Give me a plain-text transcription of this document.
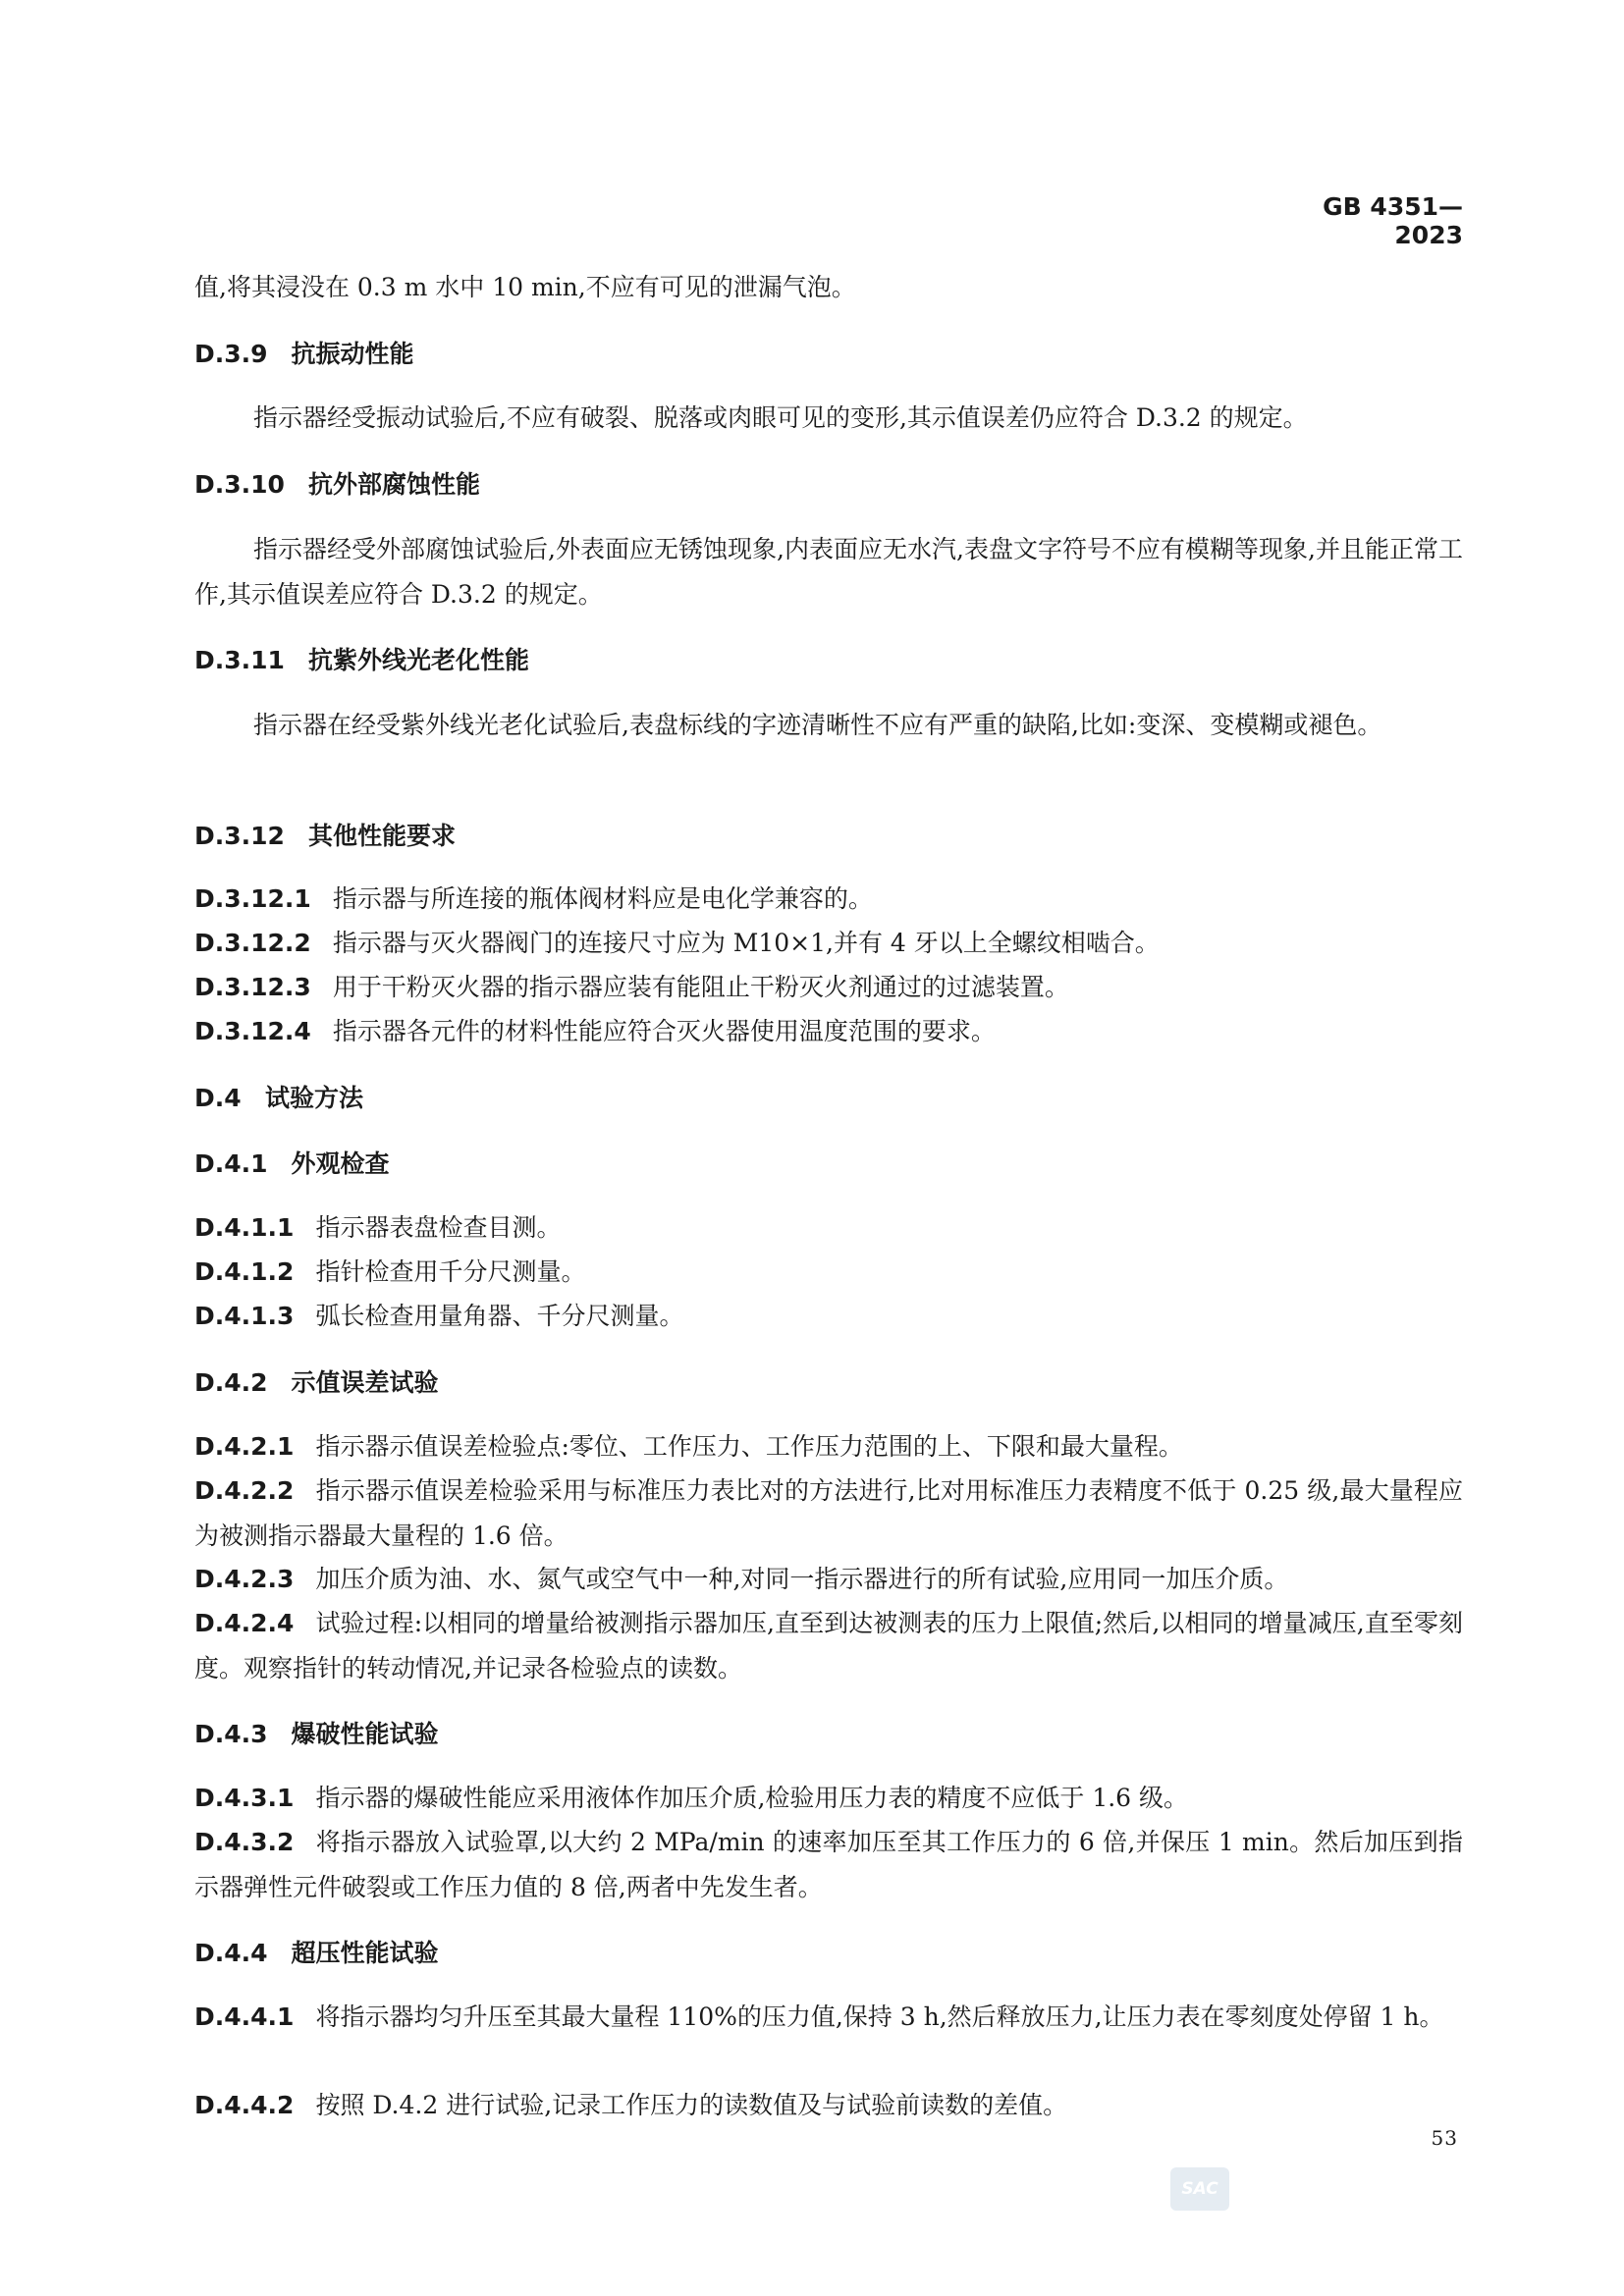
GB 4351—2023
值,将其浸没在 0.3 m 水中 10 min,不应有可见的泄漏气泡。
D.3.9 抗振动性能
指示器经受振动试验后,不应有破裂、脱落或肉眼可见的变形,其示值误差仍应符合 D.3.2 的规定。
D.3.10 抗外部腐蚀性能
指示器经受外部腐蚀试验后,外表面应无锈蚀现象,内表面应无水汽,表盘文字符号不应有模糊等现象,并且能正常工作,其示值误差应符合 D.3.2 的规定。
D.3.11 抗紫外线光老化性能
指示器在经受紫外线光老化试验后,表盘标线的字迹清晰性不应有严重的缺陷,比如:变深、变模糊或褪色。
D.3.12 其他性能要求
D.3.12.1 指示器与所连接的瓶体阀材料应是电化学兼容的。
D.3.12.2 指示器与灭火器阀门的连接尺寸应为 M10×1,并有 4 牙以上全螺纹相啮合。
D.3.12.3 用于干粉灭火器的指示器应装有能阻止干粉灭火剂通过的过滤装置。
D.3.12.4 指示器各元件的材料性能应符合灭火器使用温度范围的要求。
D.4 试验方法
D.4.1 外观检查
D.4.1.1 指示器表盘检查目测。
D.4.1.2 指针检查用千分尺测量。
D.4.1.3 弧长检查用量角器、千分尺测量。
D.4.2 示值误差试验
D.4.2.1 指示器示值误差检验点:零位、工作压力、工作压力范围的上、下限和最大量程。
D.4.2.2 指示器示值误差检验采用与标准压力表比对的方法进行,比对用标准压力表精度不低于 0.25 级,最大量程应为被测指示器最大量程的 1.6 倍。
D.4.2.3 加压介质为油、水、氮气或空气中一种,对同一指示器进行的所有试验,应用同一加压介质。
D.4.2.4 试验过程:以相同的增量给被测指示器加压,直至到达被测表的压力上限值;然后,以相同的增量减压,直至零刻度。观察指针的转动情况,并记录各检验点的读数。
D.4.3 爆破性能试验
D.4.3.1 指示器的爆破性能应采用液体作加压介质,检验用压力表的精度不应低于 1.6 级。
D.4.3.2 将指示器放入试验罩,以大约 2 MPa/min 的速率加压至其工作压力的 6 倍,并保压 1 min。然后加压到指示器弹性元件破裂或工作压力值的 8 倍,两者中先发生者。
D.4.4 超压性能试验
D.4.4.1 将指示器均匀升压至其最大量程 110%的压力值,保持 3 h,然后释放压力,让压力表在零刻度处停留 1 h。
D.4.4.2 按照 D.4.2 进行试验,记录工作压力的读数值及与试验前读数的差值。
53
SAC
